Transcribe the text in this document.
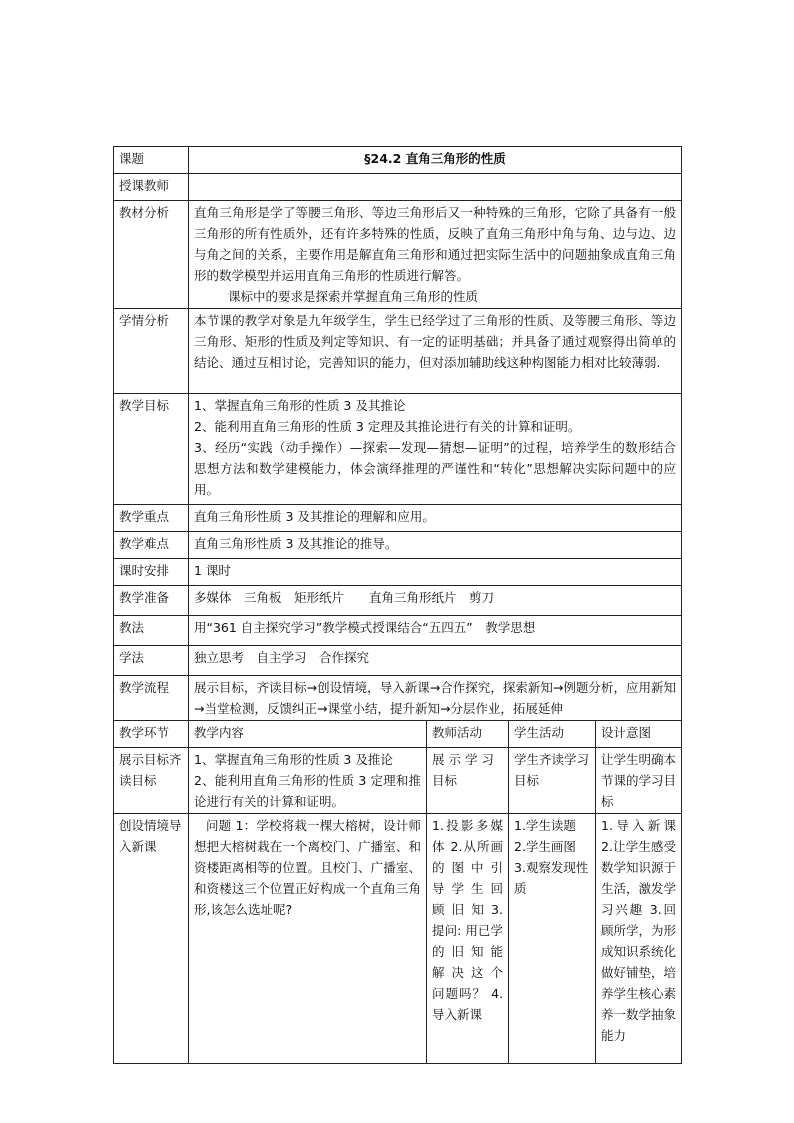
课题	§24.2 直角三角形的性质			
授课教师				
教材分析	直角三角形是学了等腰三角形、等边三角形后又一种特殊的三角形，它除了具备有一般三角形的所有性质外，还有许多特殊的性质，反映了直角三角形中角与角、边与边、边与角之间的关系，主要作用是解直角三角形和通过把实际生活中的问题抽象成直角三角形的数学模型并运用直角三角形的性质进行解答。
课标中的要求是探索并掌握直角三角形的性质			

学情分析	本节课的教学对象是九年级学生，学生已经学过了三角形的性质、及等腰三角形、等边三角形、矩形的性质及判定等知识、有一定的证明基础；并具备了通过观察得出简单的结论、通过互相讨论，完善知识的能力，但对添加辅助线这种构图能力相对比较薄弱.			
教学目标	1、掌握直角三角形的性质 3 及其推论
2、能利用直角三角形的性质 3 定理及其推论进行有关的计算和证明。
3、经历“实践（动手操作）—探索—发现—猜想—证明”的过程，培养学生的数形结合思想方法和数学建模能力，体会演绎推理的严谨性和“转化”思想解决实际问题中的应用。			

教学重点	直角三角形性质 3 及其推论的理解和应用。			
教学难点	直角三角形性质 3 及其推论的推导。			
课时安排	1 课时			
教学准备	多媒体　三角板　矩形纸片　　直角三角形纸片　剪刀			
教法	用“361 自主探究学习”教学模式授课结合“五四五”　教学思想			
学法	独立思考　自主学习　合作探究			
教学流程	展示目标，齐读目标→创设情境，导入新课→合作探究，探索新知→例题分析，应用新知→当堂检测，反馈纠正→课堂小结，提升新知→分层作业，拓展延伸			
教学环节	教学内容	教师活动	学生活动	设计意图
展示目标齐读目标	1、掌握直角三角形的性质 3 及推论
2、能利用直角三角形的性质 3 定理和推论进行有关的计算和证明。	展 示 学 习目标	学生齐读学习目标	让学生明确本节课的学习目标
创设情境导入新课	问题 1：学校将栽一棵大榕树，设计师想把大榕树栽在一个离校门、广播室、和资楼距离相等的位置。且校门、广播室、和资楼这三个位置正好构成一个直角三角形,该怎么选址呢?	1.投影多媒体 2.从所画的 图 中 引 导 学 生 回 顾 旧 知 3.提问: 用已学 的 旧 知 能 解 决 这 个 问题吗？ 4.导入新课	1.学生读题
2.学生画图
3.观察发现性质	1.导入新课 2.让学生感受数学知识源于生活，激发学习兴趣 3.回顾所学，为形成知识系统化做好铺垫，培养学生核心素养一数学抽象能力
